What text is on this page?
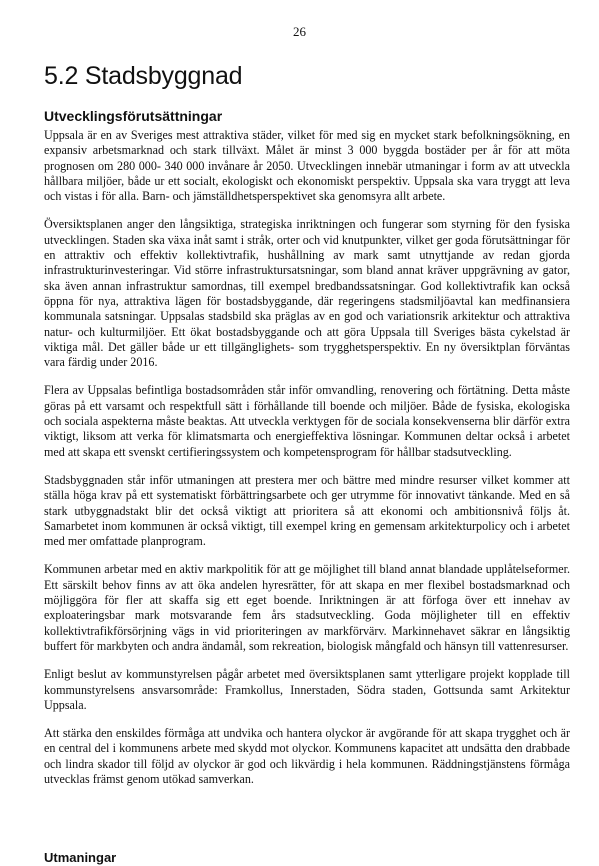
26
5.2 Stadsbyggnad
Utvecklingsförutsättningar

Uppsala är en av Sveriges mest attraktiva städer, vilket för med sig en mycket stark befolkningsökning, en expansiv arbetsmarknad och stark tillväxt. Målet är minst 3 000 byggda bostäder per år för att möta prognosen om 280 000- 340 000 invånare år 2050. Utvecklingen innebär utmaningar i form av att utveckla hållbara miljöer, både ur ett socialt, ekologiskt och ekonomiskt perspektiv. Uppsala ska vara tryggt att leva och vistas i för alla. Barn- och jämställdhetsperspektivet ska genomsyra allt arbete.

Översiktsplanen anger den långsiktiga, strategiska inriktningen och fungerar som styrning för den fysiska utvecklingen. Staden ska växa inåt samt i stråk, orter och vid knutpunkter, vilket ger goda förutsättningar för en attraktiv och effektiv kollektivtrafik, hushållning av mark samt utnyttjande av redan gjorda infrastrukturinvesteringar. Vid större infrastruktursatsningar, som bland annat kräver uppgrävning av gator, ska även annan infrastruktur samordnas, till exempel bredbandssatsningar. God kollektivtrafik kan också öppna för nya, attraktiva lägen för bostadsbyggande, där regeringens stadsmiljöavtal kan medfinansiera kommunala satsningar. Uppsalas stadsbild ska präglas av en god och variationsrik arkitektur och attraktiva natur- och kulturmiljöer. Ett ökat bostadsbyggande och att göra Uppsala till Sveriges bästa cykelstad är viktiga mål. Det gäller både ur ett tillgänglighets- som trygghetsperspektiv. En ny översiktplan förväntas vara färdig under 2016.

Flera av Uppsalas befintliga bostadsområden står inför omvandling, renovering och förtätning. Detta måste göras på ett varsamt och respektfull sätt i förhållande till boende och miljöer. Både de fysiska, ekologiska och sociala aspekterna måste beaktas. Att utveckla verktygen för de sociala konsekvenserna blir därför extra viktigt, liksom att verka för klimatsmarta och energieffektiva lösningar. Kommunen deltar också i arbetet med att skapa ett svenskt certifieringssystem och kompetensprogram för hållbar stadsutveckling.

Stadsbyggnaden står inför utmaningen att prestera mer och bättre med mindre resurser vilket kommer att ställa höga krav på ett systematiskt förbättringsarbete och ger utrymme för innovativt tänkande. Med en så stark utbyggnadstakt blir det också viktigt att prioritera så att ekonomi och ambitionsnivå följs åt. Samarbetet inom kommunen är också viktigt, till exempel kring en gemensam arkitekturpolicy och i arbetet med mer omfattade planprogram.

Kommunen arbetar med en aktiv markpolitik för att ge möjlighet till bland annat blandade upplåtelseformer. Ett särskilt behov finns av att öka andelen hyresrätter, för att skapa en mer flexibel bostadsmarknad och möjliggöra för fler att skaffa sig ett eget boende. Inriktningen är att förfoga över ett innehav av exploateringsbar mark motsvarande fem års stadsutveckling. Goda möjligheter till en effektiv kollektivtrafikförsörjning vägs in vid prioriteringen av markförvärv. Markinnehavet säkrar en långsiktig buffert för markbyten och andra ändamål, som rekreation, biologisk mångfald och hänsyn till vattenresurser.

Enligt beslut av kommunstyrelsen pågår arbetet med översiktsplanen samt ytterligare projekt kopplade till kommunstyrelsens ansvarsområde: Framkollus, Innerstaden, Södra staden, Gottsunda samt Arkitektur Uppsala.

Att stärka den enskildes förmåga att undvika och hantera olyckor är avgörande för att skapa trygghet och är en central del i kommunens arbete med skydd mot olyckor. Kommunens kapacitet att undsätta den drabbade och lindra skador till följd av olyckor är god och likvärdig i hela kommunen. Räddningstjänstens förmåga utvecklas främst genom utökad samverkan.

Utmaningar
